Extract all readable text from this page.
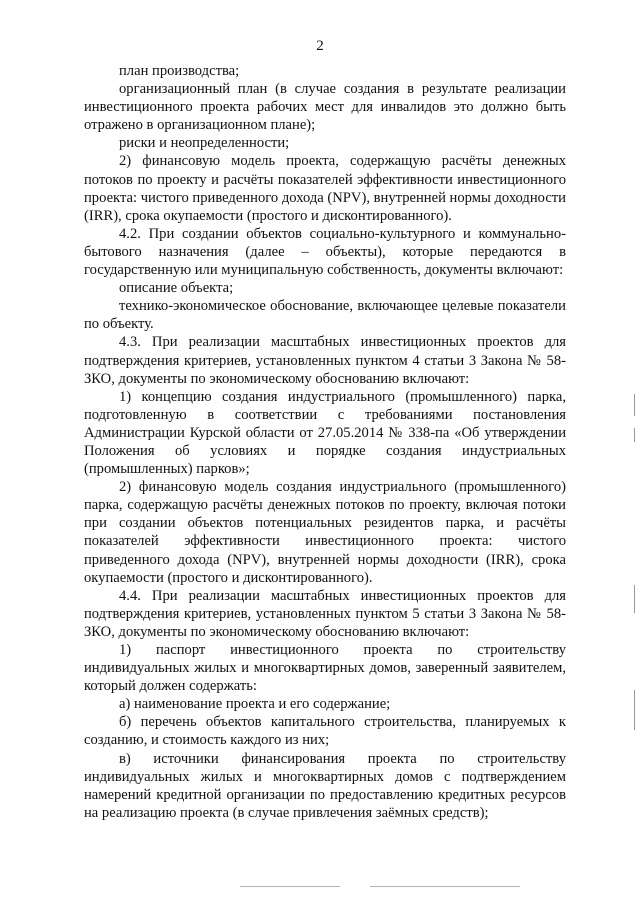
2

план производства;

организационный план (в случае создания в результате реализации инвестиционного проекта рабочих мест для инвалидов это должно быть отражено в организационном плане);

риски и неопределенности;

2) финансовую модель проекта, содержащую расчёты денежных потоков по проекту и расчёты показателей эффективности инвестиционного проекта: чистого приведенного дохода (NPV), внутренней нормы доходности (IRR), срока окупаемости (простого и дисконтированного).

4.2. При создании объектов социально-культурного и коммунально-бытового назначения (далее – объекты), которые передаются в государственную или муниципальную собственность, документы включают:

описание объекта;

технико-экономическое обоснование, включающее целевые показатели по объекту.

4.3. При реализации масштабных инвестиционных проектов для подтверждения критериев, установленных пунктом 4 статьи 3 Закона № 58-ЗКО, документы по экономическому обоснованию включают:

1) концепцию создания индустриального (промышленного) парка, подготовленную в соответствии с требованиями постановления Администрации Курской области от 27.05.2014 № 338-па «Об утверждении Положения об условиях и порядке создания индустриальных (промышленных) парков»;

2) финансовую модель создания индустриального (промышленного) парка, содержащую расчёты денежных потоков по проекту, включая потоки при создании объектов потенциальных резидентов парка, и расчёты показателей эффективности инвестиционного проекта: чистого приведенного дохода (NPV), внутренней нормы доходности (IRR), срока окупаемости (простого и дисконтированного).

4.4. При реализации масштабных инвестиционных проектов для подтверждения критериев, установленных пунктом 5 статьи 3 Закона № 58-ЗКО, документы по экономическому обоснованию включают:

1) паспорт инвестиционного проекта по строительству индивидуальных жилых и многоквартирных домов, заверенный заявителем, который должен содержать:

а) наименование проекта и его содержание;

б) перечень объектов капитального строительства, планируемых к созданию, и стоимость каждого из них;

в) источники финансирования проекта по строительству индивидуальных жилых и многоквартирных домов с подтверждением намерений кредитной организации по предоставлению кредитных ресурсов на реализацию проекта (в случае привлечения заёмных средств);
